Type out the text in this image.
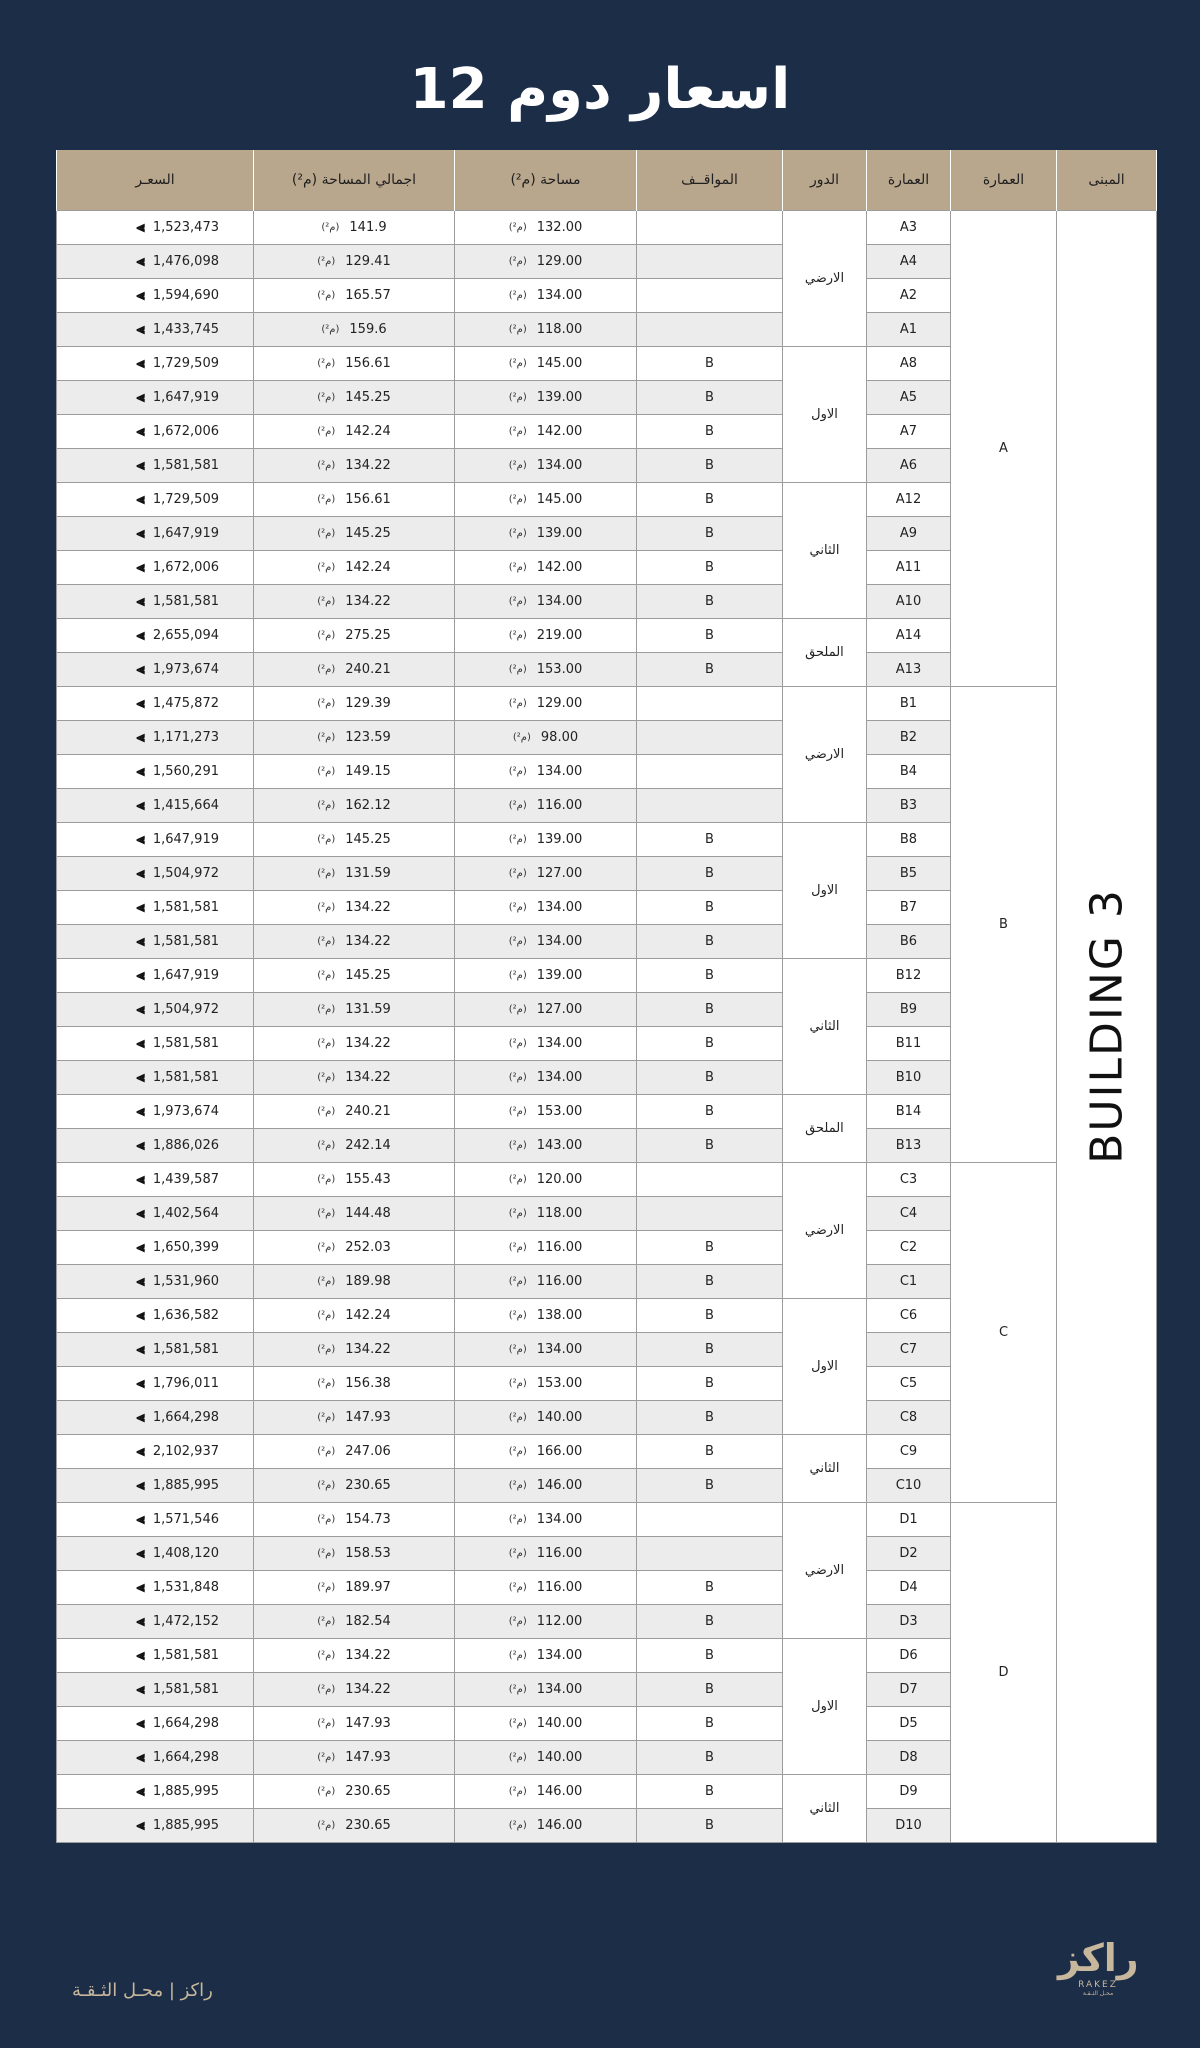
اسعار دوم 12
المبنى	العمارة	العمارة	الدور	المواقــف	مساحة (م²)	اجمالي المساحة (م²)	السعـر

BUILDING 3	A	A3	الارضي		(م²) 132.00	(م²) 141.9	⫷ 1,523,473

		A4			(م²) 129.00	(م²) 129.41	⫷ 1,476,098

		A2			(م²) 134.00	(م²) 165.57	⫷ 1,594,690

		A1			(م²) 118.00	(م²) 159.6	⫷ 1,433,745

		A8	الاول	B	(م²) 145.00	(م²) 156.61	⫷ 1,729,509

		A5		B	(م²) 139.00	(م²) 145.25	⫷ 1,647,919

		A7		B	(م²) 142.00	(م²) 142.24	⫷ 1,672,006

		A6		B	(م²) 134.00	(م²) 134.22	⫷ 1,581,581

		A12	الثاني	B	(م²) 145.00	(م²) 156.61	⫷ 1,729,509

		A9		B	(م²) 139.00	(م²) 145.25	⫷ 1,647,919

		A11		B	(م²) 142.00	(م²) 142.24	⫷ 1,672,006

		A10		B	(م²) 134.00	(م²) 134.22	⫷ 1,581,581

		A14	الملحق	B	(م²) 219.00	(م²) 275.25	⫷ 2,655,094

		A13		B	(م²) 153.00	(م²) 240.21	⫷ 1,973,674

	B	B1	الارضي		(م²) 129.00	(م²) 129.39	⫷ 1,475,872

		B2			(م²) 98.00	(م²) 123.59	⫷ 1,171,273

		B4			(م²) 134.00	(م²) 149.15	⫷ 1,560,291

		B3			(م²) 116.00	(م²) 162.12	⫷ 1,415,664

		B8	الاول	B	(م²) 139.00	(م²) 145.25	⫷ 1,647,919

		B5		B	(م²) 127.00	(م²) 131.59	⫷ 1,504,972

		B7		B	(م²) 134.00	(م²) 134.22	⫷ 1,581,581

		B6		B	(م²) 134.00	(م²) 134.22	⫷ 1,581,581

		B12	الثاني	B	(م²) 139.00	(م²) 145.25	⫷ 1,647,919

		B9		B	(م²) 127.00	(م²) 131.59	⫷ 1,504,972

		B11		B	(م²) 134.00	(م²) 134.22	⫷ 1,581,581

		B10		B	(م²) 134.00	(م²) 134.22	⫷ 1,581,581

		B14	الملحق	B	(م²) 153.00	(م²) 240.21	⫷ 1,973,674

		B13		B	(م²) 143.00	(م²) 242.14	⫷ 1,886,026

	C	C3	الارضي		(م²) 120.00	(م²) 155.43	⫷ 1,439,587

		C4			(م²) 118.00	(م²) 144.48	⫷ 1,402,564

		C2		B	(م²) 116.00	(م²) 252.03	⫷ 1,650,399

		C1		B	(م²) 116.00	(م²) 189.98	⫷ 1,531,960

		C6	الاول	B	(م²) 138.00	(م²) 142.24	⫷ 1,636,582

		C7		B	(م²) 134.00	(م²) 134.22	⫷ 1,581,581

		C5		B	(م²) 153.00	(م²) 156.38	⫷ 1,796,011

		C8		B	(م²) 140.00	(م²) 147.93	⫷ 1,664,298

		C9	الثاني	B	(م²) 166.00	(م²) 247.06	⫷ 2,102,937

		C10		B	(م²) 146.00	(م²) 230.65	⫷ 1,885,995

	D	D1	الارضي		(م²) 134.00	(م²) 154.73	⫷ 1,571,546

		D2			(م²) 116.00	(م²) 158.53	⫷ 1,408,120

		D4		B	(م²) 116.00	(م²) 189.97	⫷ 1,531,848

		D3		B	(م²) 112.00	(م²) 182.54	⫷ 1,472,152

		D6	الاول	B	(م²) 134.00	(م²) 134.22	⫷ 1,581,581

		D7		B	(م²) 134.00	(م²) 134.22	⫷ 1,581,581

		D5		B	(م²) 140.00	(م²) 147.93	⫷ 1,664,298

		D8		B	(م²) 140.00	(م²) 147.93	⫷ 1,664,298

		D9	الثاني	B	(م²) 146.00	(م²) 230.65	⫷ 1,885,995

		D10		B	(م²) 146.00	(م²) 230.65	⫷ 1,885,995
راكز | محـل الثـقـة
راكز
RAKEZ
محـل الثـقـة
